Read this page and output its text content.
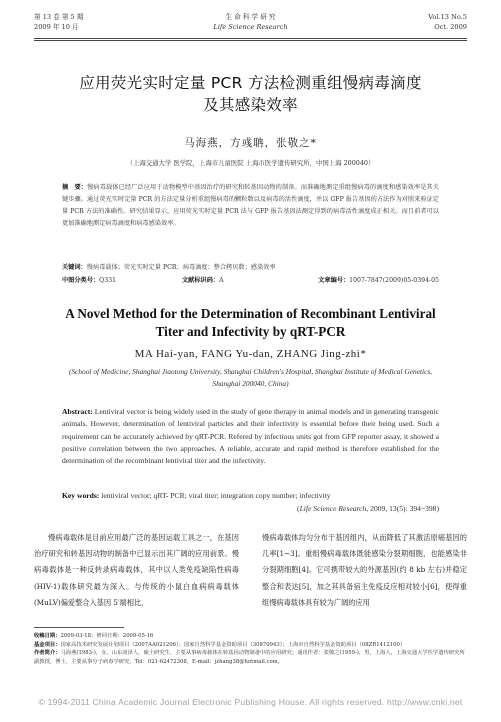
第 13 卷 第 5 期
2009 年 10 月
生 命 科 学 研 究
Life Science Research
Vol.13 No.5
Oct. 2009
应用荧光实时定量 PCR 方法检测重组慢病毒滴度
及其感染效率
马海燕，方彧聃，张敬之*
（上海交通大学 医学院，上海市儿童医院 上海市医学遗传研究所，中国上海 200040）
摘　要：慢病毒载体已经广泛应用于动物模型中基因治疗的研究和转基因动物的制备。而准确地测定重组慢病毒的滴度和感染效率是其关键步骤。通过荧光实时定量 PCR 的方法定量分析重组慢病毒的颗粒数以及病毒的活性滴度，并以 GFP 报告基因的方法作为对照来验证定量 PCR 方法的准确性。研究结果显示，应用荧光实时定量 PCR 法与 GFP 报告基因法测定得到的病毒活性滴度成正相关。而且前者可以更加准确地测定病毒滴度和病毒感染效率。
关键词：慢病毒载体；荧光实时定量 PCR；病毒滴度；整合拷贝数；感染效率
中图分类号：Q331	文献标识码：A	文章编号：1007-7847(2009)05-0394-05
A Novel Method for the Determination of Recombinant Lentiviral
Titer and Infectivity by qRT-PCR
MA Hai-yan, FANG Yu-dan, ZHANG Jing-zhi*
(School of Medicine, Shanghai Jiaotong University, Shanghai Children's Hospital, Shanghai Institute of Medical Genetics,
Shanghai 200040, China)
Abstract: Lentiviral vector is being widely used in the study of gene therapy in animal models and in generating transgenic animals. However, determination of lentiviral particles and their infectivity is essential before their being used. Such a requirement can be accurately achieved by qRT-PCR. Refered by infectious units got from GFP reporter assay, it showed a positive correlation between the two approaches. A reliable, accurate and rapid method is therefore established for the determination of the recombinant lentiviral titer and the infectivity.
Key words: lentiviral vector; qRT- PCR; viral titer; integration copy number; infectivity
(Life Science Research, 2009, 13(5): 394~398)
慢病毒载体是目前应用最广泛的基因运载工具之一，在基因治疗研究和转基因动物的制备中已显示出其广阔的应用前景。慢病毒载体是一种反转录病毒载体，其中以人类免疫缺陷性病毒(HIV-1)载体研究最为深入。与传统的小鼠白血病病毒载体(MuLV)偏爱整合入基因 5′端相比，
慢病毒载体均匀分布于基因组内，从而降低了其激活原癌基因的几率[1~3]。重组慢病毒载体既能感染分裂期细胞，也能感染非分裂期细胞[4]。它可携带较大的外源基因(约 8 kb 左右)并稳定整合和表达[5]，加之其具备宿主免疫反应相对较小[6]，使得重组慢病毒载体具有较为广阔的应用
收稿日期：2009-03-18；修回日期：2009-05-16
基金项目：国家高技术研究发展计划项目（2007AA021206）；国家自然科学基金资助项目（30870943）；上海市自然科学基金资助项目（08ZR1412100）
作者简介：马海燕(1983-)，女，山东菏泽人，硕士研究生，主要从事病毒载体在转基因动物制备中的应用研究；通讯作者：张敬之(1959-)，男，上海人，上海交通大学医学遗传研究所副教授，博士，主要从事分子病毒学研究，Tel：021-62472308，E-mail：jzhang38@hotmail.com。
© 1994-2011 China Academic Journal Electronic Publishing House. All rights reserved. http://www.cnki.net
